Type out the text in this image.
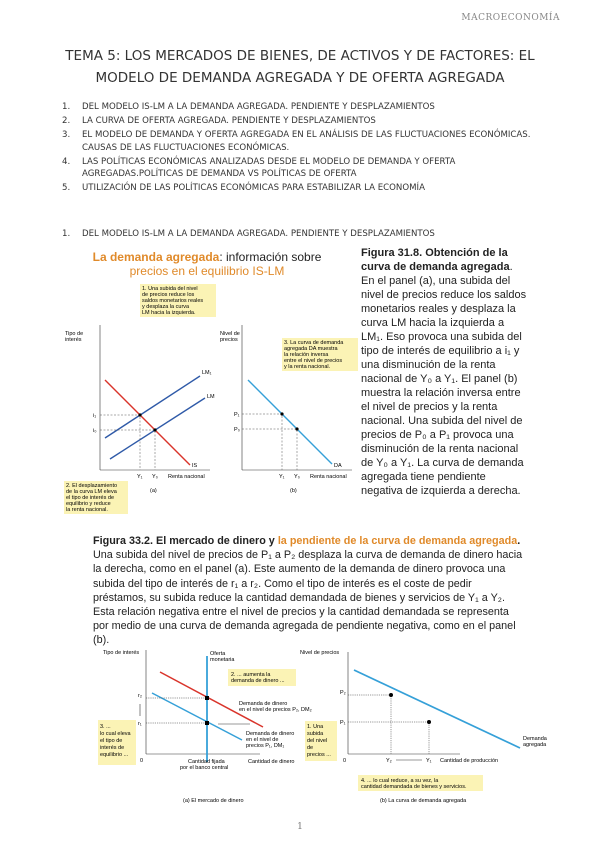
MACROECONOMÍA
TEMA 5: LOS MERCADOS DE BIENES, DE ACTIVOS Y DE FACTORES: EL
MODELO DE DEMANDA AGREGADA Y DE OFERTA AGREGADA
1. DEL MODELO IS-LM A LA DEMANDA AGREGADA. PENDIENTE Y DESPLAZAMIENTOS
2. LA CURVA DE OFERTA AGREGADA. PENDIENTE Y DESPLAZAMIENTOS
3. EL MODELO DE DEMANDA Y OFERTA AGREGADA EN EL ANÁLISIS DE LAS FLUCTUACIONES ECONÓMICAS. CAUSAS DE LAS FLUCTUACIONES ECONÓMICAS.
4. LAS POLÍTICAS ECONÓMICAS ANALIZADAS DESDE EL MODELO DE DEMANDA Y OFERTA AGREGADAS.POLÍTICAS DE DEMANDA VS POLÍTICAS DE OFERTA
5. UTILIZACIÓN DE LAS POLÍTICAS ECONÓMICAS PARA ESTABILIZAR LA ECONOMÍA
1. DEL MODELO IS-LM A LA DEMANDA AGREGADA. PENDIENTE Y DESPLAZAMIENTOS
La demanda agregada: información sobre
precios en el equilibrio IS-LM
1. Una subida del nivel de precios reduce los saldos monetarios reales y desplaza la curva LM hacia la izquierda.
Tipo de interés
LM₁
LM
IS
i₁
i₀
Y₁ Y₀ Renta nacional
(a)
2. El desplazamiento de la curva LM eleva el tipo de interés de equilibrio y reduce la renta nacional.
Nivel de precios	3. La curva de demanda agregada DA muestra la relación inversa entre el nivel de precios y la renta nacional.
DA
P₁
P₀
Y₁ Y₀ Renta nacional
(b)
Figura 31.8. Obtención de la curva de demanda agregada. En el panel (a), una subida del nivel de precios reduce los saldos monetarios reales y desplaza la curva LM hacia la izquierda a LM₁. Eso provoca una subida del tipo de interés de equilibrio a i₁ y una disminución de la renta nacional de Y₀ a Y₁. El panel (b) muestra la relación inversa entre el nivel de precios y la renta nacional. Una subida del nivel de precios de P₀ a P₁ provoca una disminución de la renta nacional de Y₀ a Y₁. La curva de demanda agregada tiene pendiente negativa de izquierda a derecha.
Figura 33.2. El mercado de dinero y la pendiente de la curva de demanda agregada. Una subida del nivel de precios de P₁ a P₂ desplaza la curva de demanda de dinero hacia la derecha, como en el panel (a). Este aumento de la demanda de dinero provoca una subida del tipo de interés de r₁ a r₂. Como el tipo de interés es el coste de pedir préstamos, su subida reduce la cantidad demandada de bienes y servicios de Y₁ a Y₂. Esta relación negativa entre el nivel de precios y la cantidad demandada se representa por medio de una curva de demanda agregada de pendiente negativa, como en el panel (b).
Tipo de interés	Oferta monetaria
r₂
r₁
0	Cantidad fijada por el banco central
Cantidad de dinero
2. ... aumenta la demanda de dinero ...
Demanda de dinero en el nivel de precios P₂, DM₂
Demanda de dinero en el nivel de precios P₁, DM₁
3. ... lo cual eleva el tipo de interés de equilibrio ...
(a) El mercado de dinero
Nivel de precios
P₂
P₁
0	Y₂	Y₁ Cantidad de producción
Demanda agregada
1. Una subida del nivel de precios ...
4. ... lo cual reduce, a su vez, la cantidad demandada de bienes y servicios.
(b) La curva de demanda agregada
1
